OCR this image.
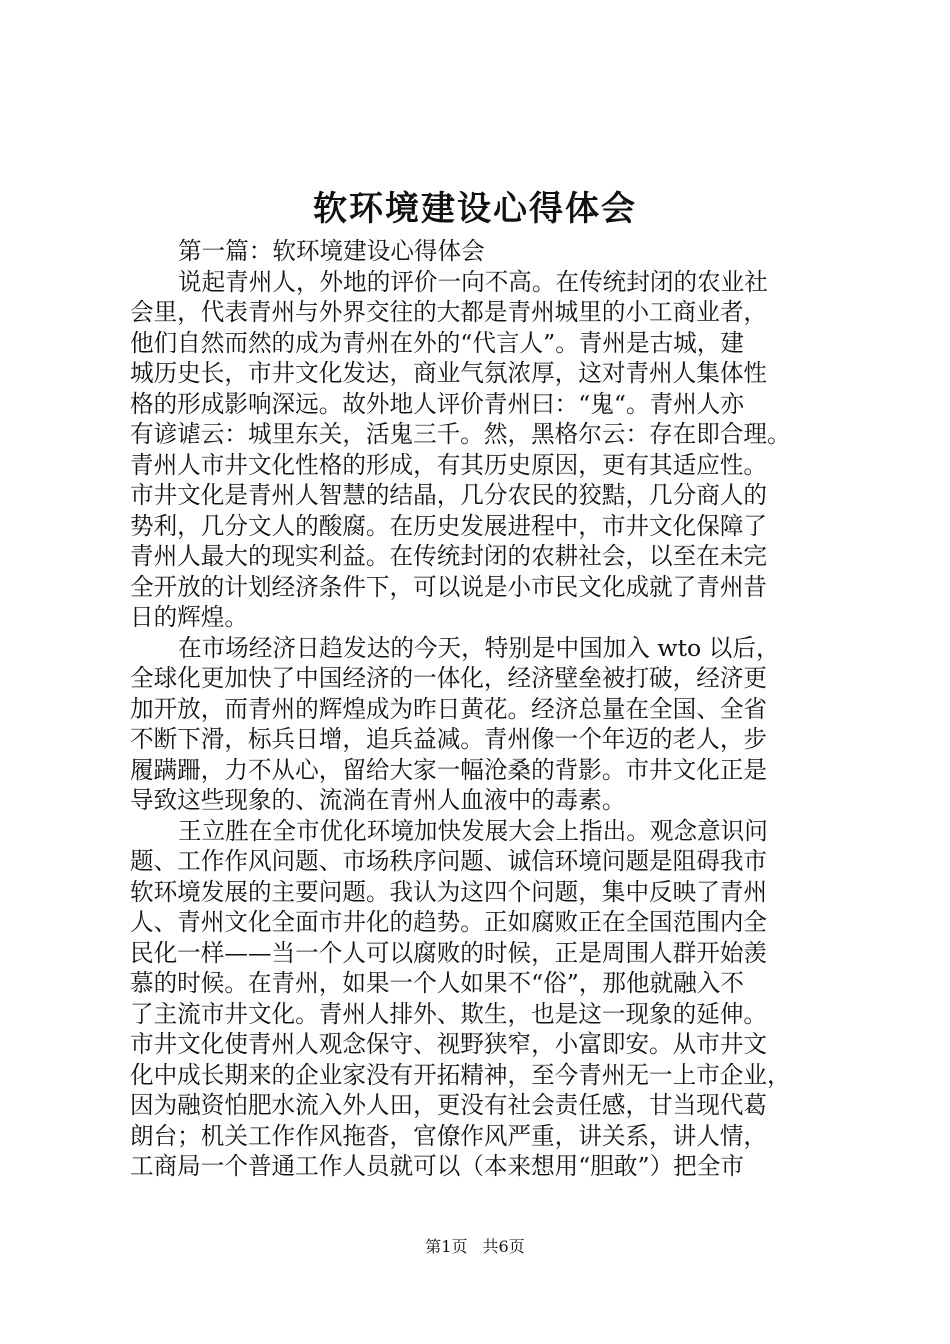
软环境建设心得体会
第一篇：软环境建设心得体会
说起青州人，外地的评价一向不高。在传统封闭的农业社
会里，代表青州与外界交往的大都是青州城里的小工商业者，
他们自然而然的成为青州在外的“代言人”。青州是古城，建
城历史长，市井文化发达，商业气氛浓厚，这对青州人集体性
格的形成影响深远。故外地人评价青州曰：“鬼“。青州人亦
有谚谑云：城里东关，活鬼三千。然，黑格尔云：存在即合理。
青州人市井文化性格的形成，有其历史原因，更有其适应性。
市井文化是青州人智慧的结晶，几分农民的狡黠，几分商人的
势利，几分文人的酸腐。在历史发展进程中，市井文化保障了
青州人最大的现实利益。在传统封闭的农耕社会，以至在未完
全开放的计划经济条件下，可以说是小市民文化成就了青州昔
日的辉煌。
在市场经济日趋发达的今天，特别是中国加入 wto 以后，
全球化更加快了中国经济的一体化，经济壁垒被打破，经济更
加开放，而青州的辉煌成为昨日黄花。经济总量在全国、全省
不断下滑，标兵日增，追兵益减。青州像一个年迈的老人，步
履蹒跚，力不从心，留给大家一幅沧桑的背影。市井文化正是
导致这些现象的、流淌在青州人血液中的毒素。
王立胜在全市优化环境加快发展大会上指出。观念意识问
题、工作作风问题、市场秩序问题、诚信环境问题是阻碍我市
软环境发展的主要问题。我认为这四个问题，集中反映了青州
人、青州文化全面市井化的趋势。正如腐败正在全国范围内全
民化一样——当一个人可以腐败的时候，正是周围人群开始羡
慕的时候。在青州，如果一个人如果不“俗”，那他就融入不
了主流市井文化。青州人排外、欺生，也是这一现象的延伸。
市井文化使青州人观念保守、视野狭窄，小富即安。从市井文
化中成长期来的企业家没有开拓精神，至今青州无一上市企业，
因为融资怕肥水流入外人田，更没有社会责任感，甘当现代葛
朗台；机关工作作风拖沓，官僚作风严重，讲关系，讲人情，
工商局一个普通工作人员就可以（本来想用“胆敢”）把全市
第1页 共6页
